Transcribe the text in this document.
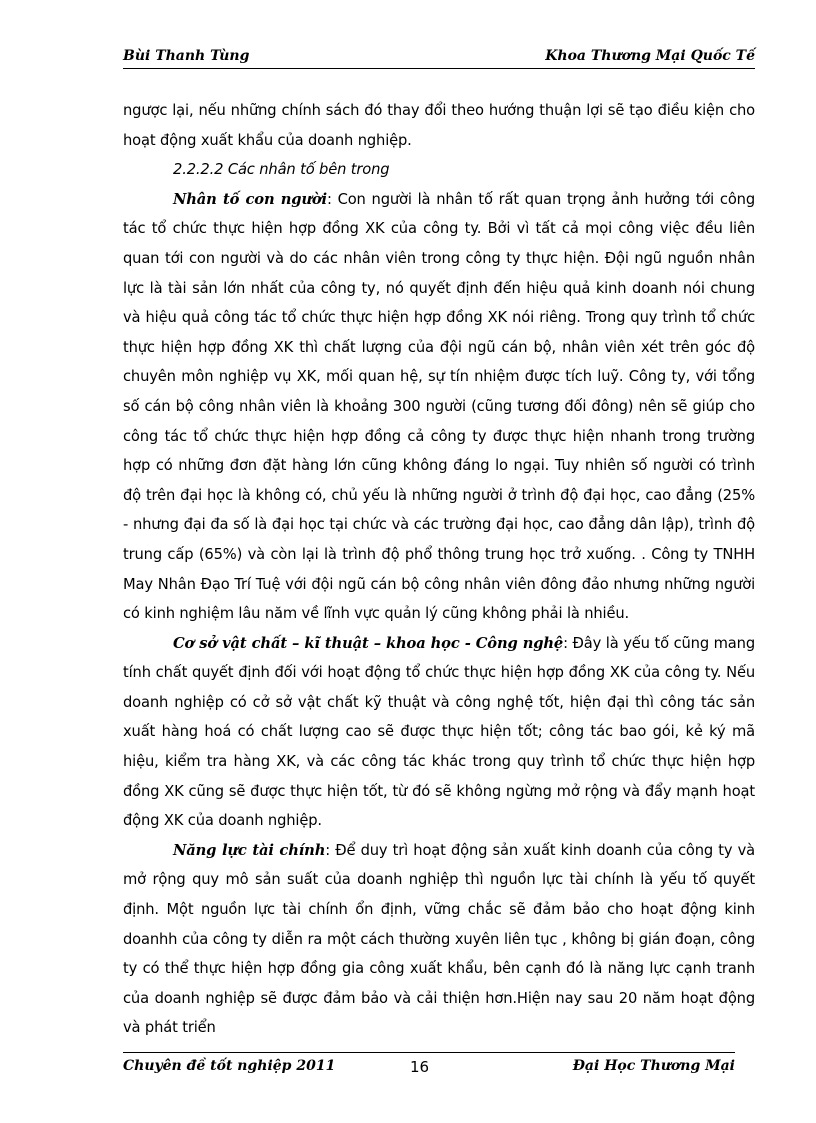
Bùi Thanh Tùng	Khoa Thương Mại Quốc Tế

ngược lại, nếu những chính sách đó thay đổi theo hướng thuận lợi sẽ tạo điều kiện cho hoạt động xuất khẩu của doanh nghiệp.

2.2.2.2 Các nhân tố bên trong

Nhân tố con người: Con người là nhân tố rất quan trọng ảnh hưởng tới công tác tổ chức thực hiện hợp đồng XK của công ty. Bởi vì tất cả mọi công việc đều liên quan tới con người và do các nhân viên trong công ty thực hiện. Đội ngũ nguồn nhân lực là tài sản lớn nhất của công ty, nó quyết định đến hiệu quả kinh doanh nói chung và hiệu quả công tác tổ chức thực hiện hợp đồng XK nói riêng. Trong quy trình tổ chức thực hiện hợp đồng XK thì chất lượng của đội ngũ cán bộ, nhân viên xét trên góc độ chuyên môn nghiệp vụ XK, mối quan hệ, sự tín nhiệm được tích luỹ. Công ty, với tổng số cán bộ công nhân viên là khoảng 300 người (cũng tương đối đông) nên sẽ giúp cho công tác tổ chức thực hiện hợp đồng cả công ty được thực hiện nhanh trong trường hợp có những đơn đặt hàng lớn cũng không đáng lo ngại. Tuy nhiên số người có trình độ trên đại học là không có, chủ yếu là những người ở trình độ đại học, cao đẳng (25% - nhưng đại đa số là đại học tại chức và các trường đại học, cao đẳng dân lập), trình độ trung cấp (65%) và còn lại là trình độ phổ thông trung học trở xuống. . Công ty TNHH May Nhân Đạo Trí Tuệ với đội ngũ cán bộ công nhân viên đông đảo nhưng những người có kinh nghiệm lâu năm về lĩnh vực quản lý cũng không phải là nhiều.

Cơ sở vật chất – kĩ thuật – khoa học - Công nghệ: Đây là yếu tố cũng mang tính chất quyết định đối với hoạt động tổ chức thực hiện hợp đồng XK của công ty. Nếu doanh nghiệp có cở sở vật chất kỹ thuật và công nghệ tốt, hiện đại thì công tác sản xuất hàng hoá có chất lượng cao sẽ được thực hiện tốt; công tác bao gói, kẻ ký mã hiệu, kiểm tra hàng XK, và các công tác khác trong quy trình tổ chức thực hiện hợp đồng XK cũng sẽ được thực hiện tốt, từ đó sẽ không ngừng mở rộng và đẩy mạnh hoạt động XK của doanh nghiệp.

Năng lực tài chính: Để duy trì hoạt động sản xuất kinh doanh của công ty và mở rộng quy mô sản suất của doanh nghiệp thì nguồn lực tài chính là yếu tố quyết định. Một nguồn lực tài chính ổn định, vững chắc sẽ đảm bảo cho hoạt động kinh doanhh của công ty diễn ra một cách thường xuyên liên tục , không bị gián đoạn, công ty có thể thực hiện hợp đồng gia công xuất khẩu, bên cạnh đó là năng lực cạnh tranh của doanh nghiệp sẽ được đảm bảo và cải thiện hơn.Hiện nay sau 20 năm hoạt động và phát triển

Chuyên đề tốt nghiệp 2011	16	Đại Học Thương Mại
